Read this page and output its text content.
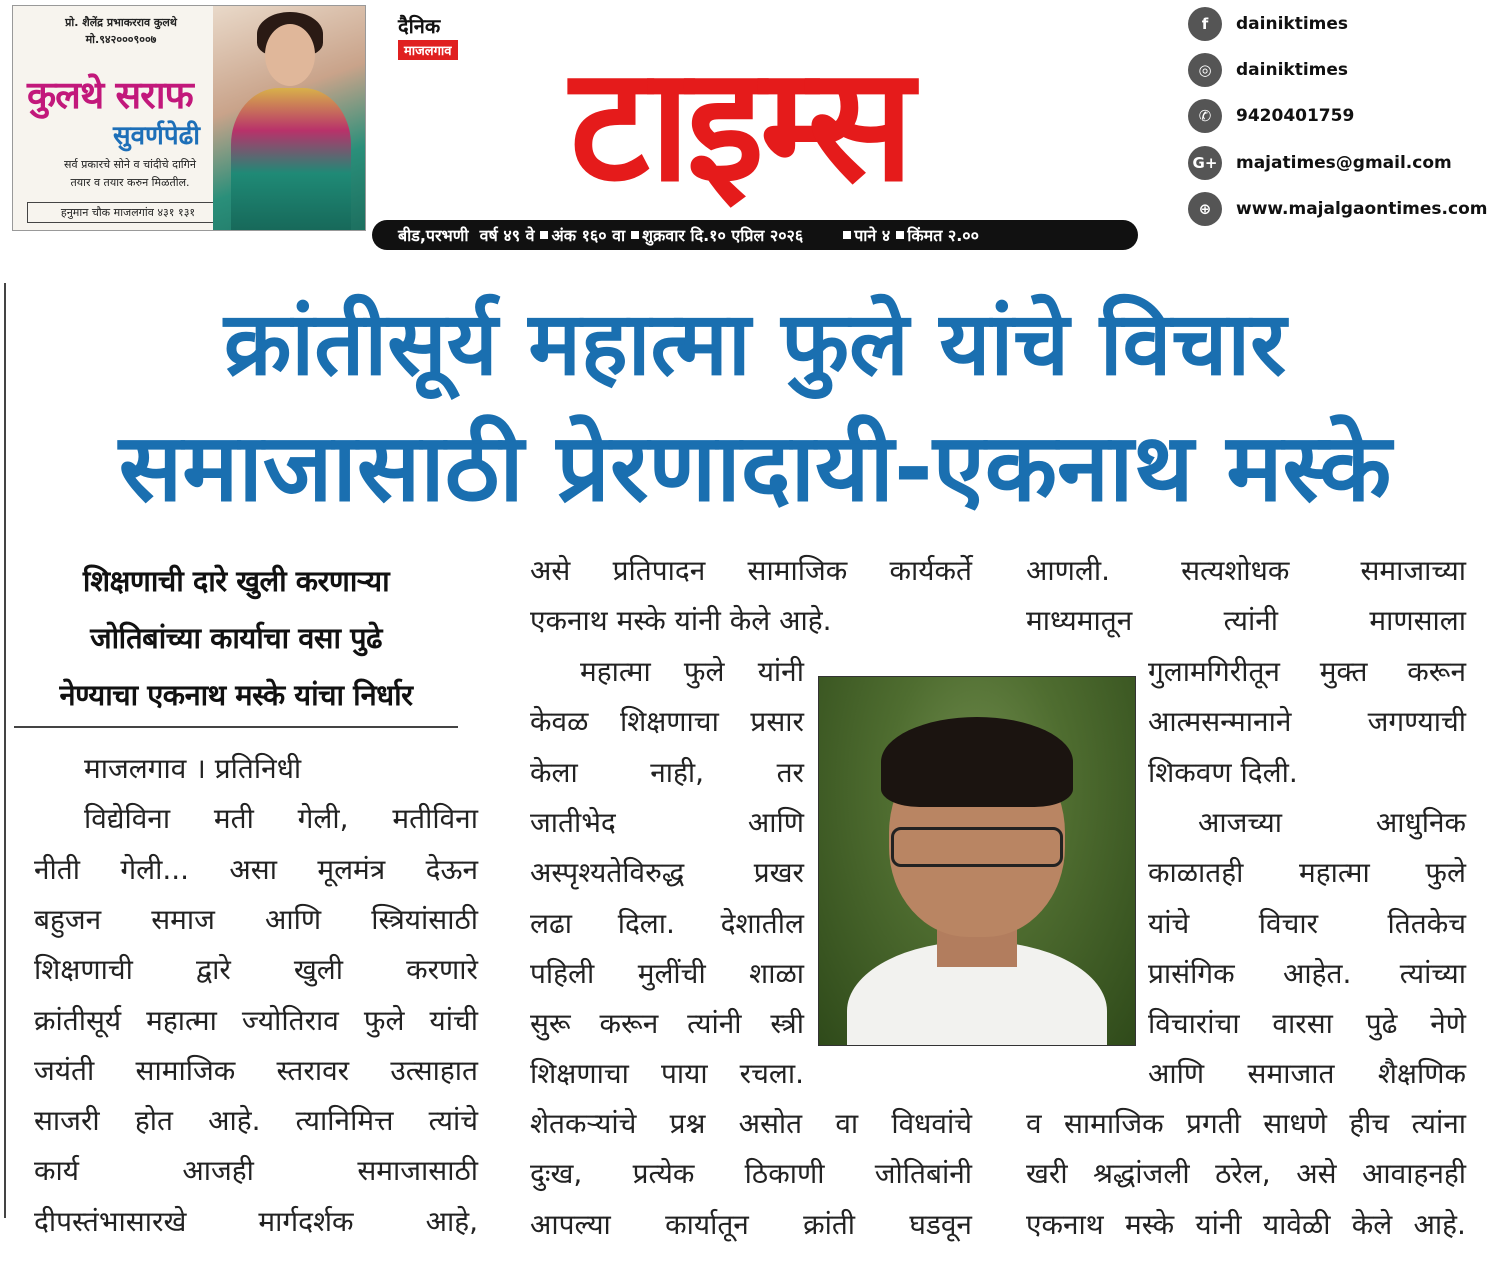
प्रो. शैलेंद्र प्रभाकरराव कुलथे
मो.९४२०००९००७
कुलथे सराफ
सुवर्णपेढी
सर्व प्रकारचे सोने व चांदीचे दागिने
तयार व तयार करुन मिळतील.
हनुमान चौक माजलगांव ४३१ १३१	टाइम्स
दैनिक
माजलगाव
बीड,परभणी
वर्ष ४९ वे अंक १६० वा शुक्रवार दि.१० एप्रिल २०२६	पाने ४ किंमत २.००
f	dainiktimes
◎	dainiktimes
✆	9420401759
G+ majatimes@gmail.com
⊕	www.majalgaontimes.com
क्रांतीसूर्य महात्मा फुले यांचे विचार
समाजासाठी प्रेरणादायी-एकनाथ मस्के
शिक्षणाची दारे खुली करणाऱ्या
जोतिबांच्या कार्याचा वसा पुढे
नेण्याचा एकनाथ मस्के यांचा निर्धार
माजलगाव । प्रतिनिधी
विद्येविना मती गेली, मतीविना
नीती गेली... असा मूलमंत्र देऊन
बहुजन समाज आणि स्त्रियांसाठी
शिक्षणाची द्वारे खुली करणारे
क्रांतीसूर्य महात्मा ज्योतिराव फुले यांची
जयंती सामाजिक स्तरावर उत्साहात
साजरी होत आहे. त्यानिमित्त त्यांचे
कार्य	आजही	समाजासाठी
दीपस्तंभासारखे	मार्गदर्शक	आहे,
असे प्रतिपादन सामाजिक कार्यकर्ते
एकनाथ मस्के यांनी केले आहे.
महात्मा फुले यांनी
केवळ शिक्षणाचा प्रसार
केला	नाही,	तर
जातीभेद	आणि
अस्पृश्यतेविरुद्ध प्रखर
लढा दिला. देशातील
पहिली मुलींची शाळा
सुरू करून त्यांनी स्त्री
शिक्षणाचा पाया रचला.
शेतकऱ्यांचे प्रश्न असोत वा विधवांचे
दुःख, प्रत्येक ठिकाणी जोतिबांनी
आपल्या कार्यातून क्रांती घडवून
आणली.	सत्यशोधक	समाजाच्या
माध्यमातून	त्यांनी	माणसाला
गुलामगिरीतून मुक्त करून
आत्मसन्मानाने	जगण्याची
शिकवण दिली.
आजच्या	आधुनिक
काळातही महात्मा फुले
यांचे विचार तितकेच
प्रासंगिक आहेत. त्यांच्या
विचारांचा वारसा पुढे नेणे
आणि समाजात शैक्षणिक
व सामाजिक प्रगती साधणे हीच त्यांना
खरी श्रद्धांजली ठरेल, असे आवाहनही
एकनाथ मस्के यांनी यावेळी केले आहे.
